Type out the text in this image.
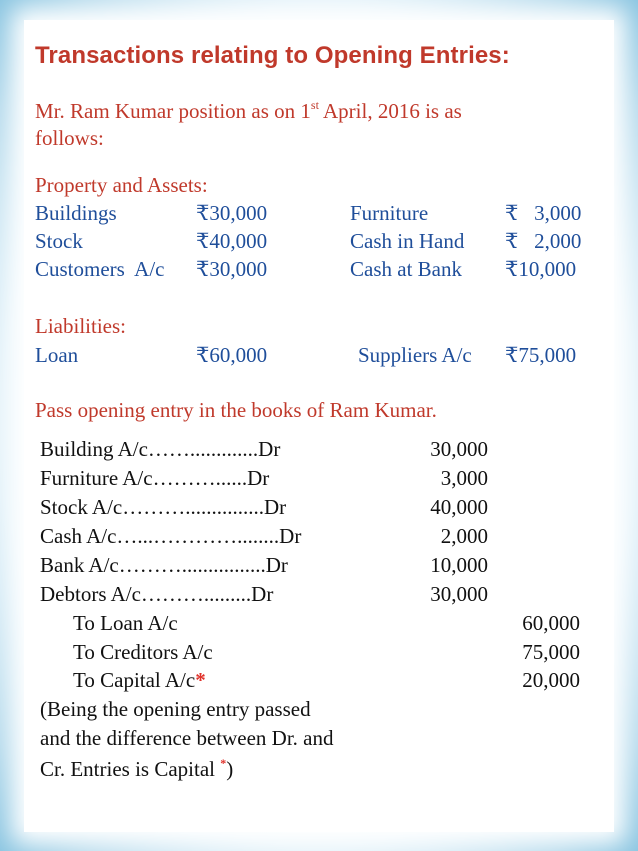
Transactions relating to Opening Entries:
Mr. Ram Kumar position as on 1st April, 2016 is as
follows:
Property and Assets:
Buildings	₹30,000	Furniture	₹   3,000
Stock	₹40,000	Cash in Hand ₹   2,000
Customers  A/c ₹30,000	Cash at Bank ₹10,000
Liabilities:
Loan	₹60,000	Suppliers A/c ₹75,000
Pass opening entry in the books of Ram Kumar.
Building A/c…….............Dr	30,000
Furniture A/c………......Dr	3,000
Stock A/c………...............Dr	40,000
Cash A/c…...…………........Dr	2,000
Bank A/c………................Dr	10,000
Debtors A/c……….........Dr	30,000
To Loan A/c	60,000
To Creditors A/c	75,000
To Capital A/c*	20,000
(Being the opening entry passed
and the difference between Dr. and
Cr. Entries is Capital *)
